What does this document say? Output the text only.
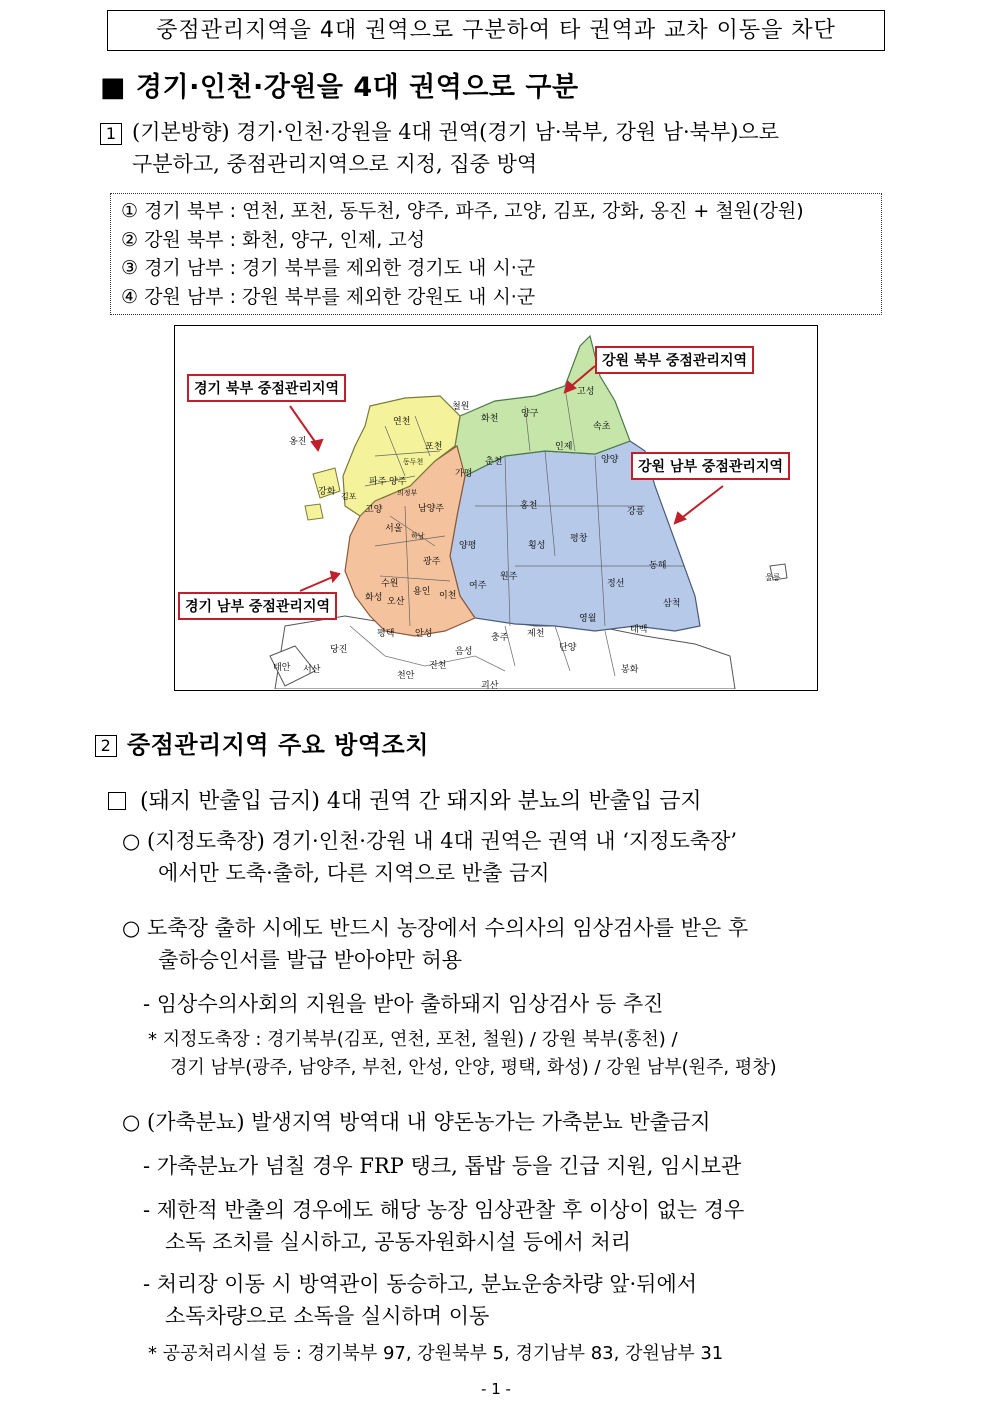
중점관리지역을 4대 권역으로 구분하여 타 권역과 교차 이동을 차단
■ 경기·인천·강원을 4대 권역으로 구분
1 (기본방향) 경기·인천·강원을 4대 권역(경기 남·북부, 강원 남·북부)으로
구분하고, 중점관리지역으로 지정, 집중 방역
① 경기 북부 : 연천, 포천, 동두천, 양주, 파주, 고양, 김포, 강화, 옹진 + 철원(강원)
② 강원 북부 : 화천, 양구, 인제, 고성
③ 경기 남부 : 경기 북부를 제외한 경기도 내 시·군
④ 강원 남부 : 강원 북부를 제외한 강원도 내 시·군
철원
연천
포천
파주 양주
동두천
고양
김포
강화
옹진
가평
남양주
의정부
서울
하남
광주
양평
여주
이천
용인
안성
평택
수원
오산
화성
화천	양구
인제
고성
속초
양양
춘천
홍천
강릉
횡성
평창
원주
정선
동해
삼척
영월
태백
울릉
당진
서산
태안
천안
진천
음성
충주 제천
단양
괴산
봉화
경기 북부 중점관리지역
강원 북부 중점관리지역
강원 남부 중점관리지역
경기 남부 중점관리지역
2 중점관리지역 주요 방역조치
(돼지 반출입 금지) 4대 권역 간 돼지와 분뇨의 반출입 금지
○ (지정도축장) 경기·인천·강원 내 4대 권역은 권역 내 ‘지정도축장’
에서만 도축·출하, 다른 지역으로 반출 금지
○ 도축장 출하 시에도 반드시 농장에서 수의사의 임상검사를 받은 후
출하승인서를 발급 받아야만 허용
- 임상수의사회의 지원을 받아 출하돼지 임상검사 등 추진
* 지정도축장 : 경기북부(김포, 연천, 포천, 철원) / 강원 북부(홍천) /
경기 남부(광주, 남양주, 부천, 안성, 안양, 평택, 화성) / 강원 남부(원주, 평창)
○ (가축분뇨) 발생지역 방역대 내 양돈농가는 가축분뇨 반출금지
- 가축분뇨가 넘칠 경우 FRP 탱크, 톱밥 등을 긴급 지원, 임시보관
- 제한적 반출의 경우에도 해당 농장 임상관찰 후 이상이 없는 경우
소독 조치를 실시하고, 공동자원화시설 등에서 처리
- 처리장 이동 시 방역관이 동승하고, 분뇨운송차량 앞·뒤에서
소독차량으로 소독을 실시하며 이동
* 공공처리시설 등 : 경기북부 97, 강원북부 5, 경기남부 83, 강원남부 31
- 1 -
